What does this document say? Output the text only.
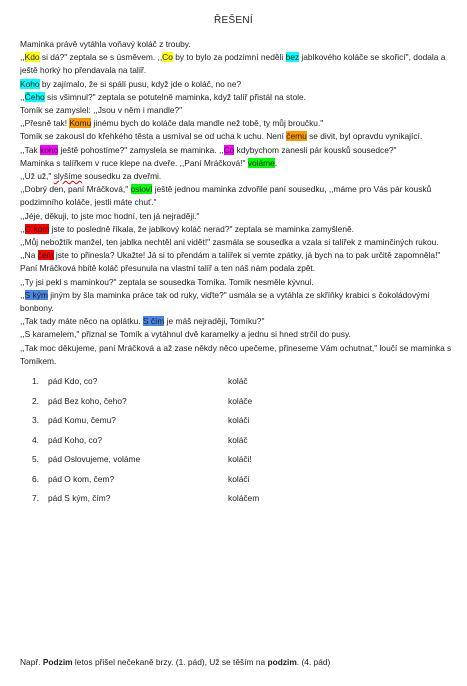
ŘEŠENÍ

Maminka právě vytáhla voňavý koláč z trouby.

,,Kdo si dá?" zeptala se s úsměvem. ,,Co by to bylo za podzimní neděli bez jablkového koláče se skořicí", dodala a ještě horký ho přendavala na talíř.

Koho by zajímalo, že si spálí pusu, když jde o koláč, no ne?

,,Čeho sis všimnul?" zeptala se potutelně maminka, když talíř přistál na stole.

Tomík se zamyslel: ,,Jsou v něm i mandle?"

,,Přesně tak! Komu jinému bych do koláče dala mandle než tobě, ty můj broučku."

Tomík se zakousl do křehkého těsta a usmíval se od ucha k uchu. Není čemu se divit, byl opravdu vynikající.

,,Tak koho ještě pohostíme?" zamyslela se maminka. ,,Co kdybychom zanesli pár kousků sousedce?"

Maminka s talířkem v ruce klepe na dveře. ,,Paní Mráčková!" voláme.

,,Už už," slyšíme sousedku za dveřmi.

,,Dobrý den, paní Mráčková," osloví ještě jednou maminka zdvořile paní sousedku, ,,máme pro Vás pár kousků podzimního koláče, jestli máte chuť."

,,Jéje, děkuji, to jste moc hodní, ten já nejraději."

,,O kom jste to posledně říkala, že jablkový koláč nerad?" zeptala se maminka zamyšleně.

,,Můj nebožtík manžel, ten jablka nechtěl ani vidět!" zasmála se sousedka a vzala si talířek z maminčiných rukou.

,,Na čem jste to přinesla? Ukažte! Já si to přendám a talířek si vemte zpátky, já bych na to pak určitě zapomněla!" Paní Mráčková hbitě koláč přesunula na vlastní talíř a ten náš nám podala zpět.

,,Ty jsi pekl s maminkou?" zeptala se sousedka Tomíka. Tomík nesměle kývnul.

,,S kým jiným by šla maminka práce tak od ruky, viďte?" usmála se a vytáhla ze skříňky krabici s čokoládovými bonbony.

,,Tak tady máte něco na oplátku. S čím je máš nejraději, Tomíku?"

,,S karamelem," přiznal se Tomík a vytáhnul dvě karamelky a jednu si hned strčil do pusy.

,,Tak moc děkujeme, paní Mráčková a až zase někdy něco upečeme, přineseme Vám ochutnat," loučí se maminka s Tomíkem.

1. pád Kdo, co?	koláč
2. pád Bez koho, čeho?	koláče
3. pád Komu, čemu?	koláči
4. pád Koho, co?	koláč
5. pád Oslovujeme, voláme	koláči!
6. pád O kom, čem?	koláči
7. pád S kým, čím?	koláčem
Např. Podzim letos přišel nečekaně brzy. (1. pád), Už se těším na podzim. (4. pád)
